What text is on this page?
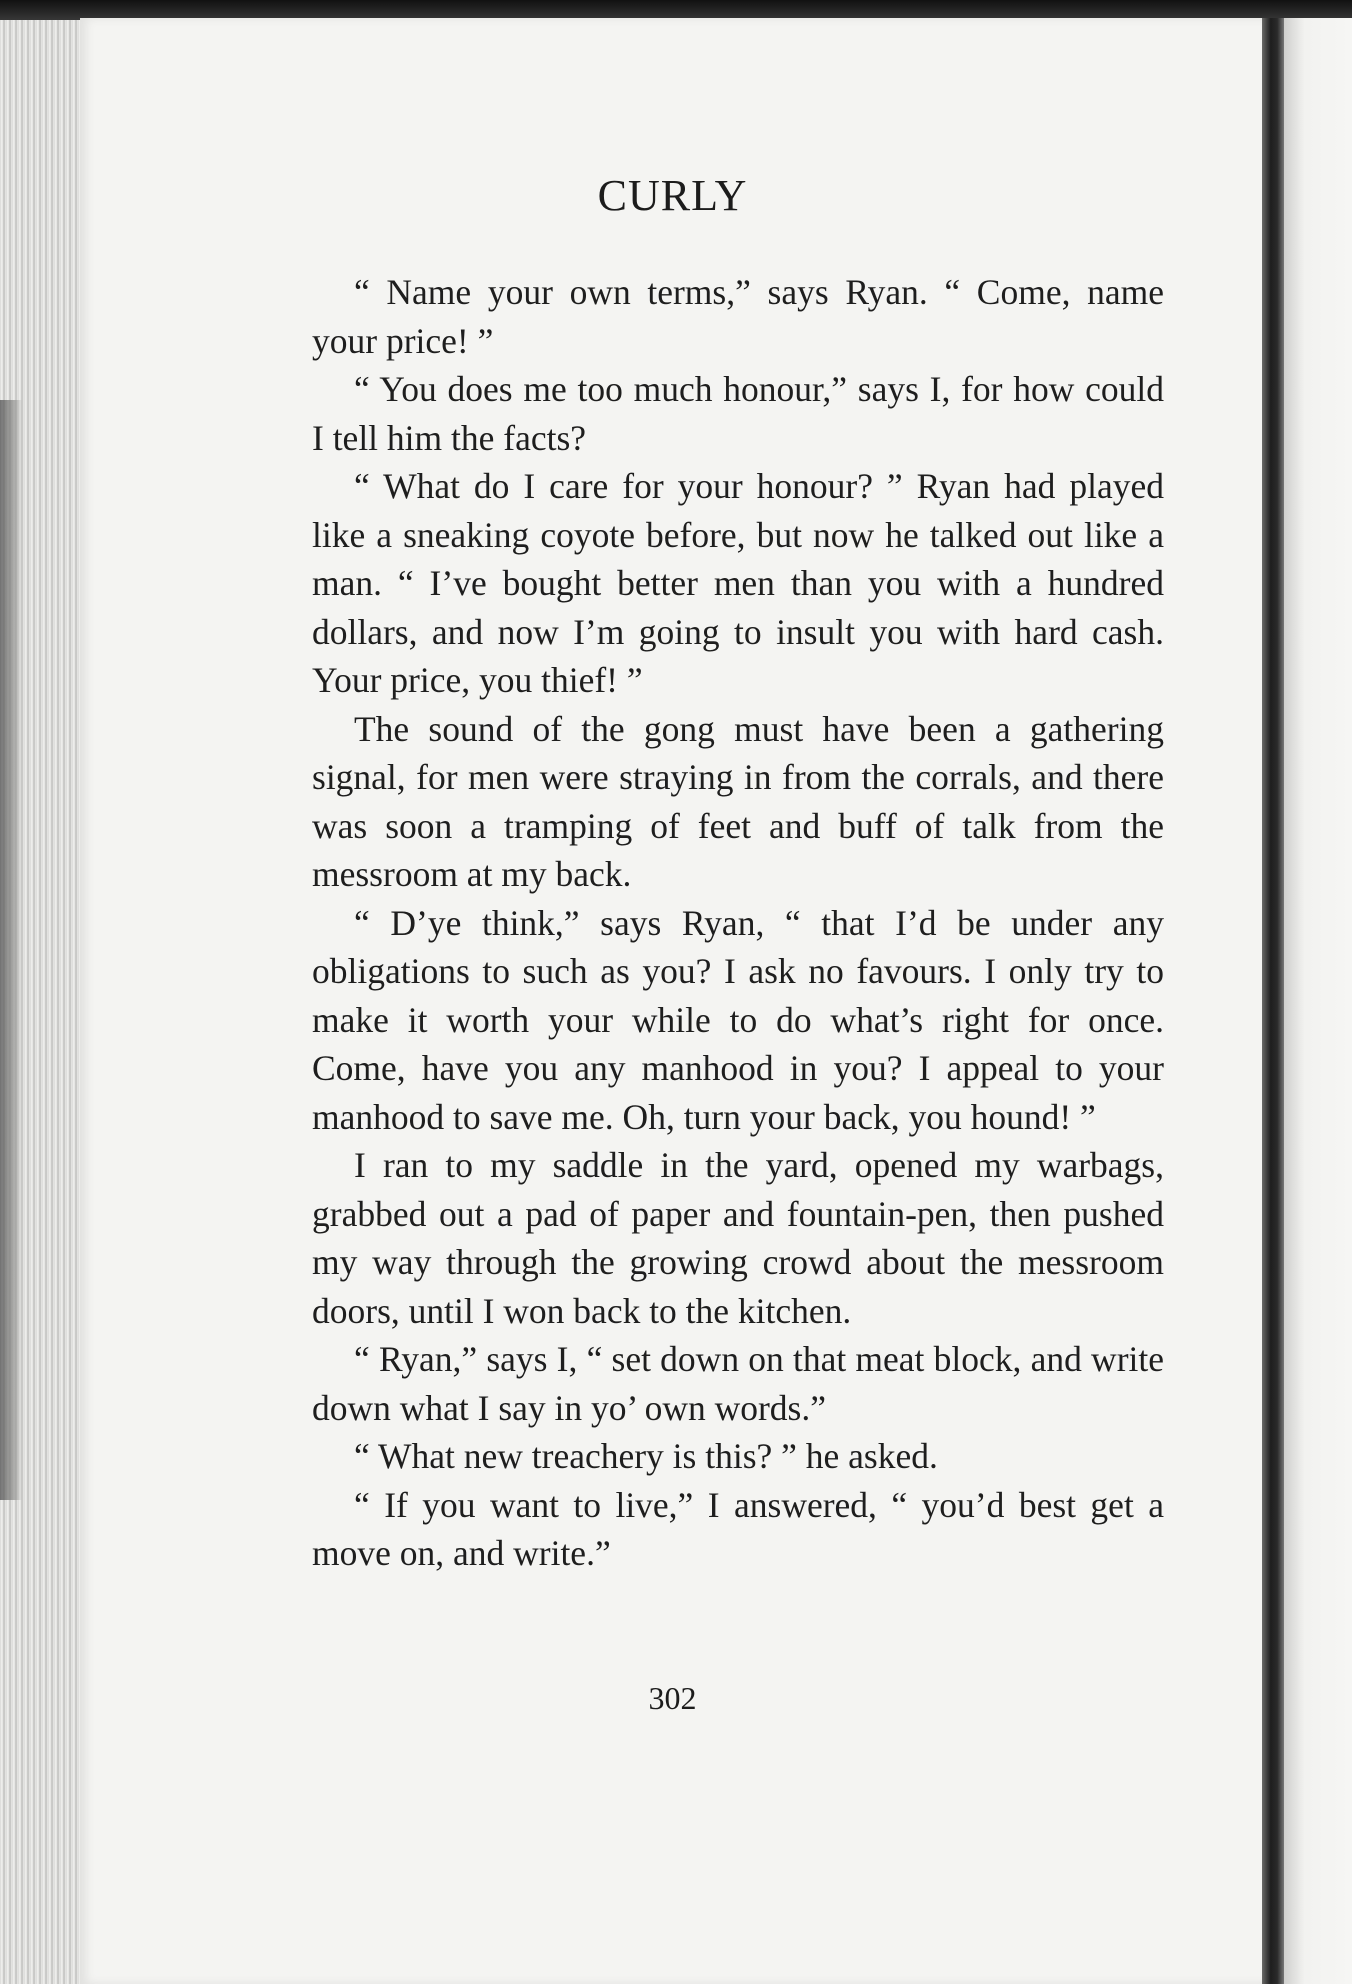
CURLY

“ Name your own terms,” says Ryan. “ Come, name your price! ”

“ You does me too much honour,” says I, for how could I tell him the facts?

“ What do I care for your honour? ” Ryan had played like a sneaking coyote before, but now he talked out like a man. “ I’ve bought better men than you with a hundred dollars, and now I’m going to insult you with hard cash. Your price, you thief! ”

The sound of the gong must have been a gathering signal, for men were straying in from the corrals, and there was soon a tramping of feet and buff of talk from the messroom at my back.

“ D’ye think,” says Ryan, “ that I’d be under any obligations to such as you? I ask no favours. I only try to make it worth your while to do what’s right for once. Come, have you any manhood in you? I appeal to your manhood to save me. Oh, turn your back, you hound! ”

I ran to my saddle in the yard, opened my warbags, grabbed out a pad of paper and fountain-pen, then pushed my way through the growing crowd about the messroom doors, until I won back to the kitchen.

“ Ryan,” says I, “ set down on that meat block, and write down what I say in yo’ own words.”

“ What new treachery is this? ” he asked.

“ If you want to live,” I answered, “ you’d best get a move on, and write.”

302
